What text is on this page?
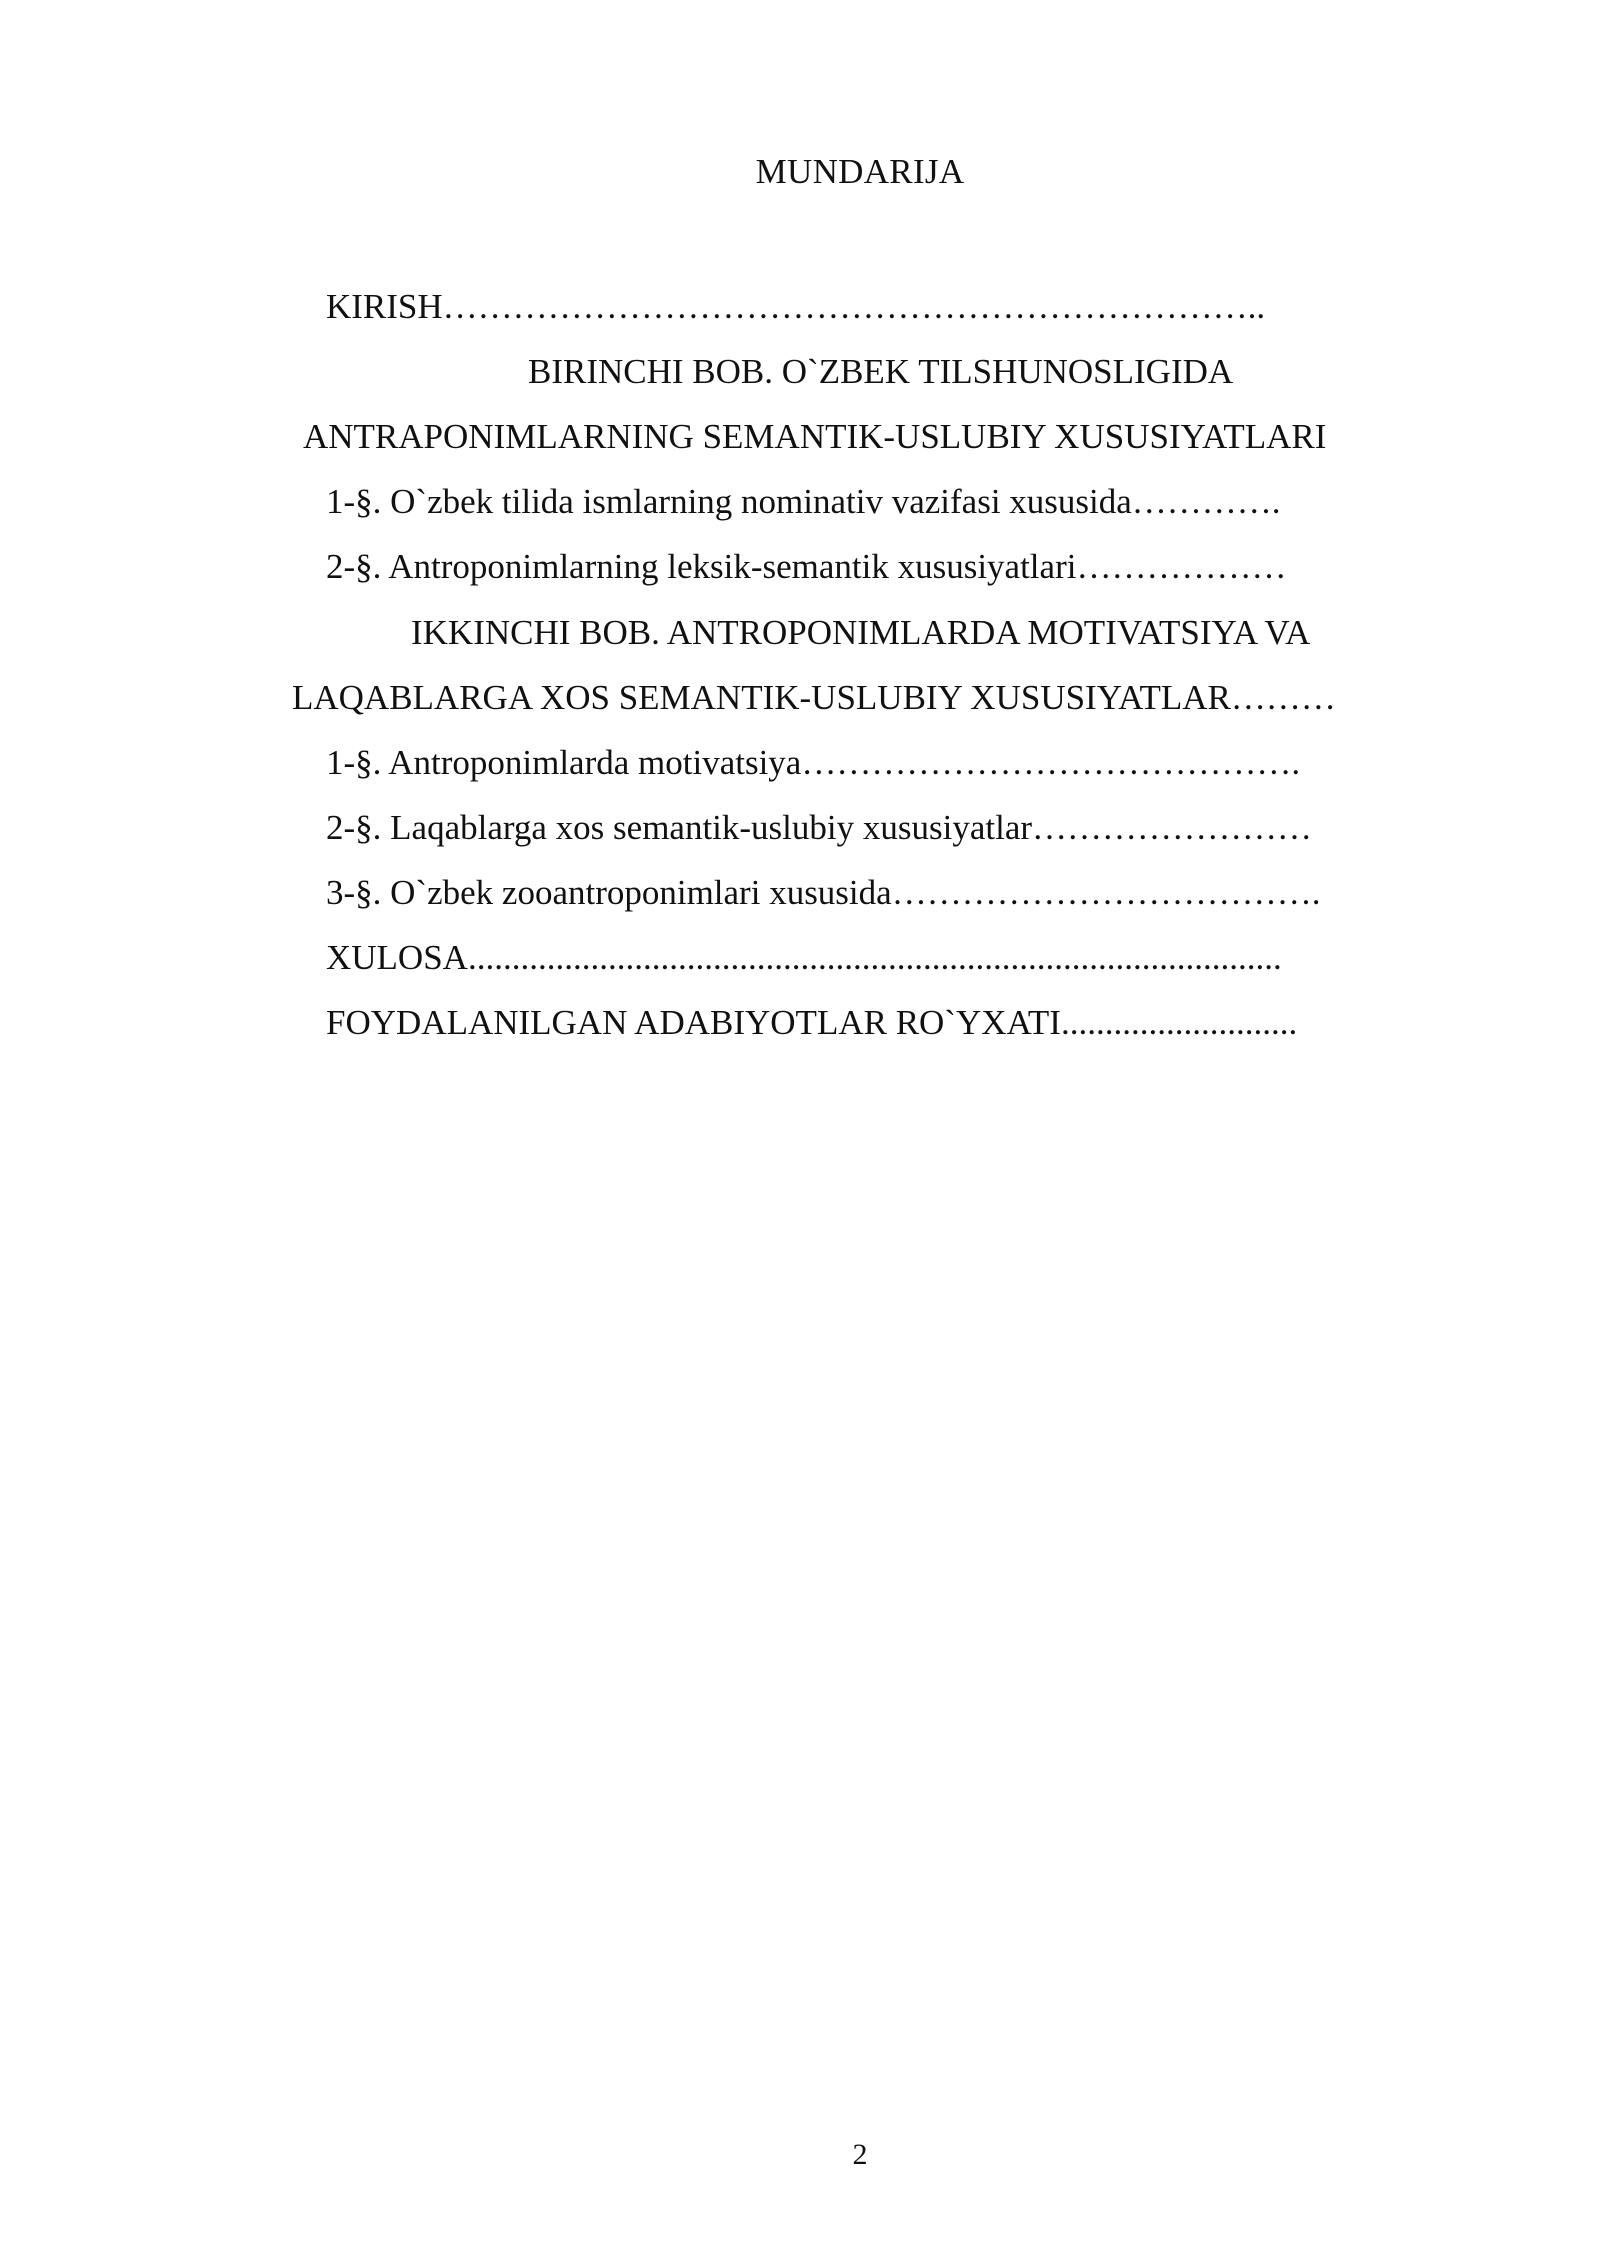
MUNDARIJA
KIRISH……………………………………………………………..
BIRINCHI BOB. O`ZBEK TILSHUNOSLIGIDA
ANTRAPONIMLARNING SEMANTIK-USLUBIY XUSUSIYATLARI
1-§. O`zbek tilida ismlarning nominativ vazifasi xususida………….
2-§. Antroponimlarning leksik-semantik xususiyatlari………………
IKKINCHI BOB. ANTROPONIMLARDA MOTIVATSIYA VA
LAQABLARGA XOS SEMANTIK-USLUBIY XUSUSIYATLAR………
1-§. Antroponimlarda motivatsiya…………………………………….
2-§. Laqablarga xos semantik-uslubiy xususiyatlar……………………
3-§. O`zbek zooantroponimlari xususida……………………………….
XULOSA.............................................................................................
FOYDALANILGAN ADABIYOTLAR RO`YXATI...........................
2
